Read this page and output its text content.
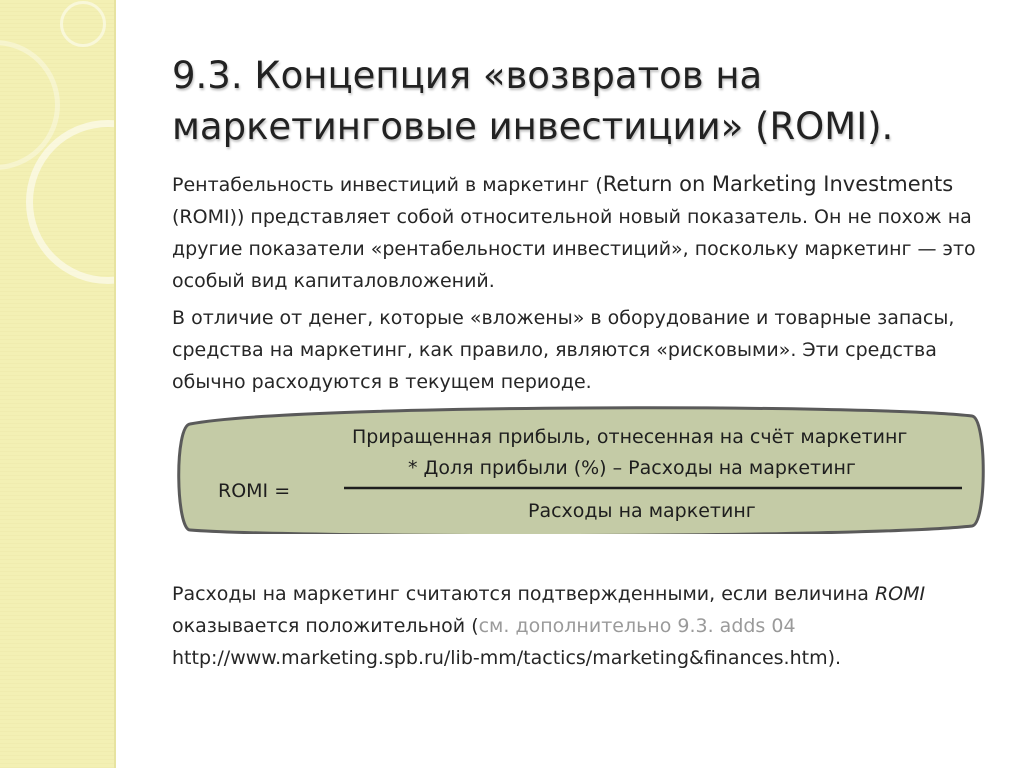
9.3. Концепция «возвратов на
маркетинговые инвестиции» (ROMI).

Рентабельность инвестиций в маркетинг (Return on Marketing Investments (ROMI)) представляет собой относительной новый показатель. Он не похож на другие показатели «рентабельности инвестиций», поскольку маркетинг — это особый вид капиталовложений.

В отличие от денег, которые «вложены» в оборудование и товарные запасы, средства на маркетинг, как правило, являются «рисковыми». Эти средства обычно расходуются в текущем периоде.

ROMI =
Приращенная прибыль, отнесенная на счёт маркетинг
* Доля прибыли (%) – Расходы на маркетинг
Расходы на маркетинг

Расходы на маркетинг считаются подтвержденными, если величина ROMI оказывается положительной (см. дополнительно 9.3. adds 04
http://www.marketing.spb.ru/lib-mm/tactics/marketing&finances.htm).
